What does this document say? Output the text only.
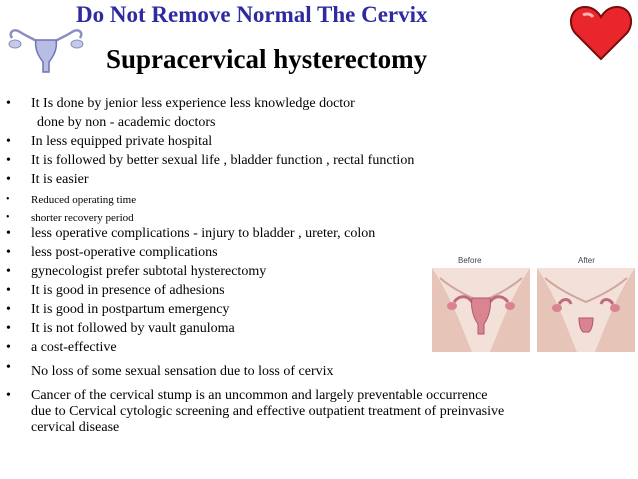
Do Not Remove Normal The Cervix
Supracervical hysterectomy
•	It Is done by jenior less experience less knowledge doctor
done by non - academic doctors
•	In less equipped private hospital
•	It is followed by better sexual life , bladder function , rectal function
•	It is easier
•	Reduced operating time
•	shorter recovery period
•	less operative complications - injury to bladder , ureter, colon
•	less post-operative complications
•	gynecologist prefer subtotal hysterectomy
•	It is good in presence of adhesions
•	It is good in postpartum emergency
•	It is not followed by vault ganuloma
•	a cost-effective
•	No loss of some sexual sensation due to loss of cervix
•	Cancer of the cervical stump is an uncommon and largely preventable occurrence due to Cervical cytologic screening and effective outpatient treatment of preinvasive cervical disease
Before	After
